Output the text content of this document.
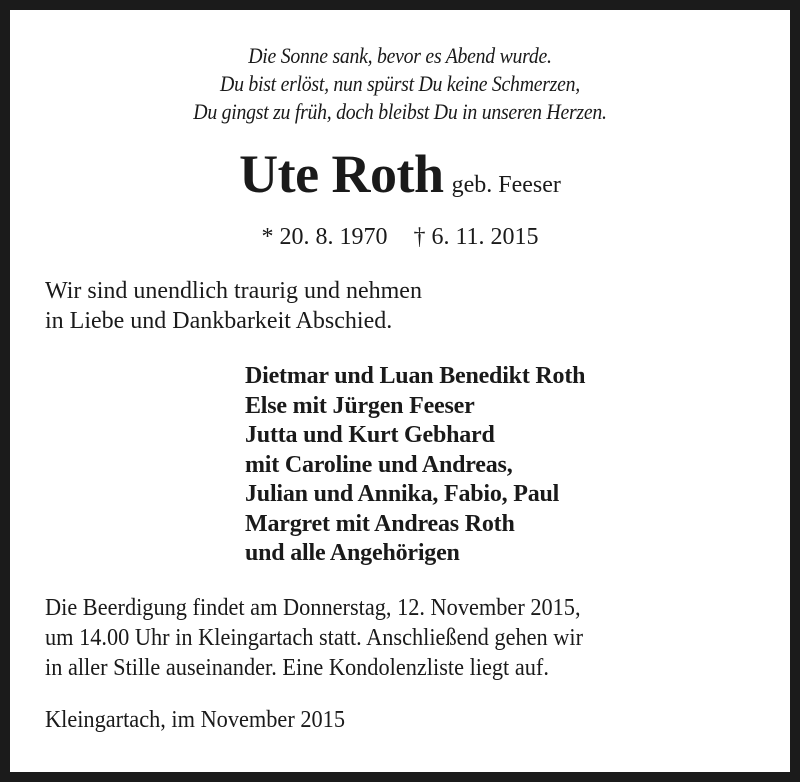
Die Sonne sank, bevor es Abend wurde.
Du bist erlöst, nun spürst Du keine Schmerzen,
Du gingst zu früh, doch bleibst Du in unseren Herzen.
Ute Roth geb. Feeser
* 20. 8. 1970 † 6. 11. 2015
Wir sind unendlich traurig und nehmen
in Liebe und Dankbarkeit Abschied.
Dietmar und Luan Benedikt Roth
Else mit Jürgen Feeser
Jutta und Kurt Gebhard
mit Caroline und Andreas,
Julian und Annika, Fabio, Paul
Margret mit Andreas Roth
und alle Angehörigen
Die Beerdigung findet am Donnerstag, 12. November 2015,
um 14.00 Uhr in Kleingartach statt. Anschließend gehen wir
in aller Stille auseinander. Eine Kondolenzliste liegt auf.
Kleingartach, im November 2015
